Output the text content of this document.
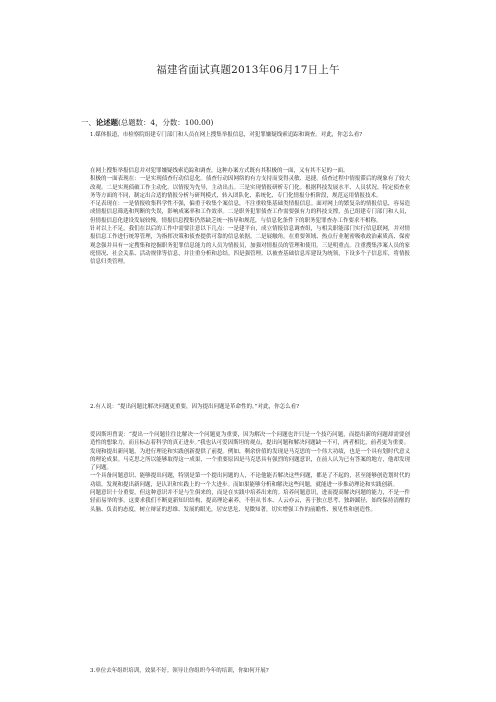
福建省面试真题2013年06月17日上午
一、论述题(总题数：4，分数：100.00)
1.媒体报道，市检察院组建专门部门和人员在网上搜集举报信息，对犯罪嫌疑线索追踪和调查。对此，你怎么看?

在网上搜集举报信息并对犯罪嫌疑线索追踪和调查，这种办案方式既有其积极的一面，又有其不足的一面。

积极的一面表现在：一是实现侦查行动信息化。侦查行动因网络的有力支持而变得灵敏、迅捷。侦查过程中情报滞后的现象有了较大改观。二是实现侦破工作主动化。以情报为先导，主动出击。三是实现情报研析专门化。根据科技发展水平、人员状况、特定侦查业务等方面的不同，制定出合适的情报分析与研判模式，转入团队化、系统化、专门化情报分析阶段，规范运用情报技术。

不足表现在：一是情报收集科学性不强，偏重于收集个案信息，不注重收集基础类情报信息。面对网上的繁复杂的情报信息，容易造成情报信息筛选和判断的失误，影响成案率和工作效率。二是职务犯罪侦查工作需要强有力的科技支撑，虽已组建专门部门和人员，但情报信息化建设发展较慢，情报信息搜集仍然缺乏统一指导和规范，与信息化条件下的职务犯罪查办工作要求不相称。

针对以上不足，我们在以后的工作中需要注意以下几点：一是建平台，成立情报信息调查组，与相关职能部门实行信息联网，并对情报信息工作进行统筹管理，为指挥决策和侦查提供可靠的信息依据。二是展触角。在重要领域、热点行业秘密吸收政治素质高、保密观念强并具有一定搜集和挖掘职务犯罪信息能力的人员为情报员，加强对情报员的管理和使用。三是明重点。注重搜集涉案人员的家庭情况、社会关系、活动规律等信息，并注重分析和总结。四是强管理。以被查基础信息库建设为统领，下设多个子信息库，将情报信息归类管理。

2.有人说：“提出问题比解决问题更重要，因为提出问题是革命性的。”对此，你怎么看?

爱因斯坦曾说：“提出一个问题往往比解决一个问题更为重要，因为解决一个问题也许只是一个技巧问题，而提出新的问题却需要创造性的想象力，而且标志着科学的真正进步。”我也认可爱因斯坦的观点，提出问题和解决问题缺一不可，两者相比，前者更为重要。

发现和提出新问题，为进行理论和实践创新提供了前提。例如，剩余价值的发现是马克思的一个伟大功绩，也是一个具有划时代意义的理论成果。马克思之所以能够取得这一成果，一个重要原因是马克思具有强烈的问题意识，在前人认为已有答案的地方，他却发现了问题。

一个具备问题意识、能够提出问题，特别是第一个提出问题的人，不论他能否解决这些问题，都是了不起的，甚至能够创造划时代的功绩。发现和提出新问题，是认识和实践上的一个大进步。而如果能够分析和解决这些问题，就能进一步推动理论和实践创新。

问题意识十分重要，但这种意识并不是与生俱来的，而是在实践中培养出来的。培养问题意识，进而提高解决问题的能力，不是一件轻而易举的事。这要求我们不断更新知识结构，提高理论素养，不但从书本、人云亦云，善于独立思考、独辟蹊径，始终保持清醒的头脑、负责的态度，树立辩证的思维、发展的眼光，居安思危、见微知著，切实增强工作的前瞻性、预见性和创造性。

3.单位去年组织培训，效果不好。领导让你组织今年的培训，你如何开展?
